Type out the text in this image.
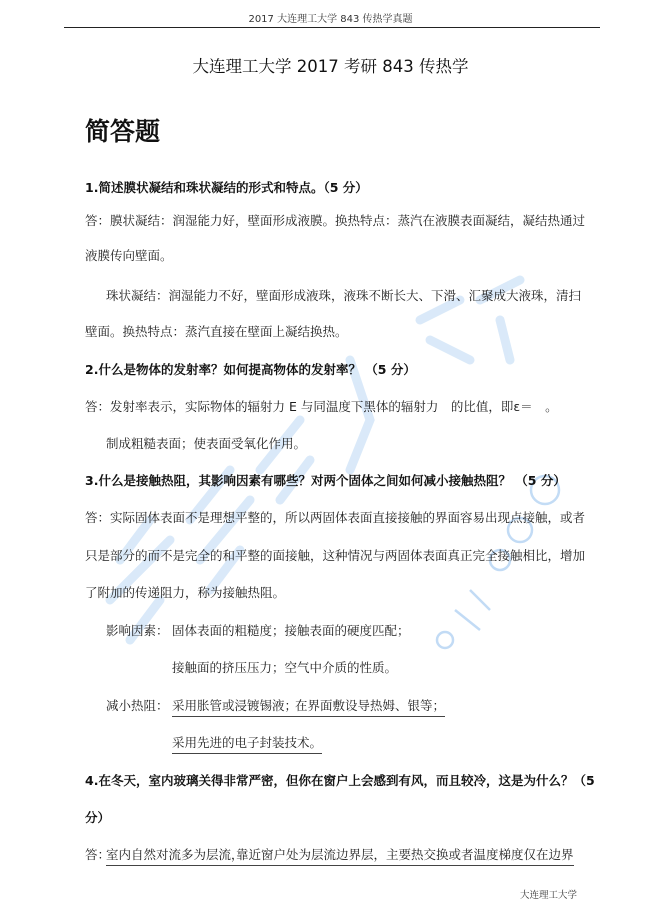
2017 大连理工大学 843 传热学真题
大连理工大学 2017 考研 843 传热学
简答题
1.简述膜状凝结和珠状凝结的形式和特点。（5 分）
答：膜状凝结：润湿能力好，壁面形成液膜。换热特点：蒸汽在液膜表面凝结，凝结热通过
液膜传向壁面。
珠状凝结：润湿能力不好，壁面形成液珠，液珠不断长大、下滑、汇聚成大液珠，清扫
壁面。换热特点：蒸汽直接在壁面上凝结换热。
2.什么是物体的发射率？如何提高物体的发射率？ （5 分）
答：发射率表示，实际物体的辐射力 E 与同温度下黑体的辐射力　的比值，即ε＝　。
制成粗糙表面；使表面受氧化作用。
3.什么是接触热阻，其影响因素有哪些？对两个固体之间如何减小接触热阻？ （5 分）
答：实际固体表面不是理想平整的，所以两固体表面直接接触的界面容易出现点接触，或者
只是部分的而不是完全的和平整的面接触，这种情况与两固体表面真正完全接触相比，增加
了附加的传递阻力，称为接触热阻。
影响因素： 固体表面的粗糙度；接触表面的硬度匹配；
接触面的挤压压力；空气中介质的性质。
减小热阻： 采用胀管或浸镀锡液；
在界面敷设导热姆、银等；
采用先进的电子封装技术。
4.在冬天，室内玻璃关得非常严密，但你在窗户上会感到有风，而且较冷，这是为什么？（5
分）
答：
室内自然对流多为层流，
靠近窗户处为层流边界层，主要热交换或者温度梯度仅在边界
大连理工大学
